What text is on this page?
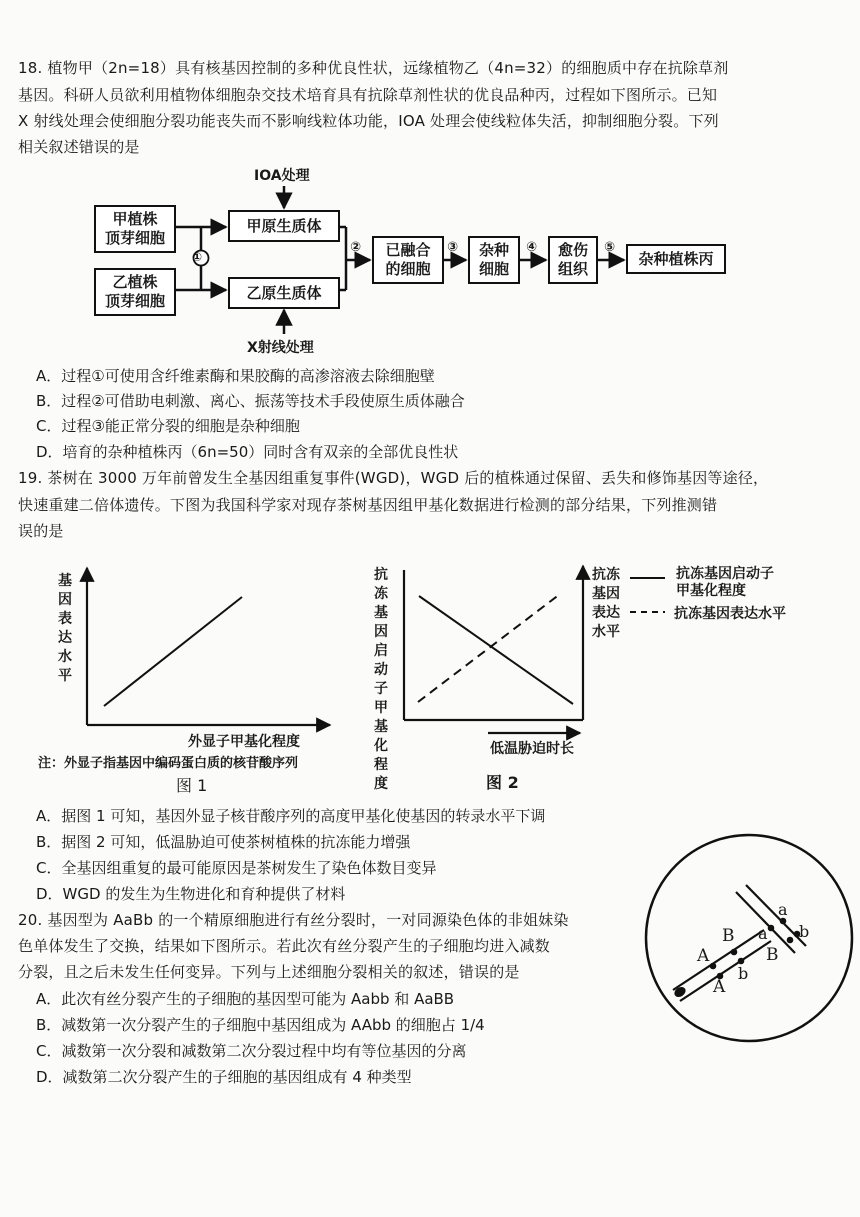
18. 植物甲（2n=18）具有核基因控制的多种优良性状，远缘植物乙（4n=32）的细胞质中存在抗除草剂
基因。科研人员欲利用植物体细胞杂交技术培育具有抗除草剂性状的优良品种丙，过程如下图所示。已知
X 射线处理会使细胞分裂功能丧失而不影响线粒体功能，IOA 处理会使线粒体失活，抑制细胞分裂。下列
相关叙述错误的是
IOA处理
X射线处理
甲植株
顶芽细胞
乙植株
顶芽细胞
甲原生质体
乙原生质体
①
②	③	④	⑤
已融合
的细胞
杂种
细胞
愈伤
组织
杂种植株丙
A．过程①可使用含纤维素酶和果胶酶的高渗溶液去除细胞壁
B．过程②可借助电刺激、离心、振荡等技术手段使原生质体融合
C．过程③能正常分裂的细胞是杂种细胞
D．培育的杂种植株丙（6n=50）同时含有双亲的全部优良性状
19. 茶树在 3000 万年前曾发生全基因组重复事件(WGD)，WGD 后的植株通过保留、丢失和修饰基因等途径，
快速重建二倍体遗传。下图为我国科学家对现存茶树基因组甲基化数据进行检测的部分结果，下列推测错
误的是
基因表达水平
外显子甲基化程度
注：外显子指基因中编码蛋白质的核苷酸序列
图 1
抗冻基因启动子甲基化程度
抗冻基因表达水平
抗冻基因启动子
甲基化程度
抗冻基因表达水平
低温胁迫时长
图 2
A．据图 1 可知，基因外显子核苷酸序列的高度甲基化使基因的转录水平下调
B．据图 2 可知，低温胁迫可使茶树植株的抗冻能力增强
C．全基因组重复的最可能原因是茶树发生了染色体数目变异
D．WGD 的发生为生物进化和育种提供了材料
20. 基因型为 AaBb 的一个精原细胞进行有丝分裂时，一对同源染色体的非姐妹染
色单体发生了交换，结果如下图所示。若此次有丝分裂产生的子细胞均进入减数
分裂，且之后未发生任何变异。下列与上述细胞分裂相关的叙述，错误的是
A．此次有丝分裂产生的子细胞的基因型可能为 Aabb 和 AaBB
B．减数第一次分裂产生的子细胞中基因组成为 AAbb 的细胞占 1/4
C．减数第一次分裂和减数第二次分裂过程中均有等位基因的分离
D．减数第二次分裂产生的子细胞的基因组成有 4 种类型
A
A
B
b
a
a
B
b
